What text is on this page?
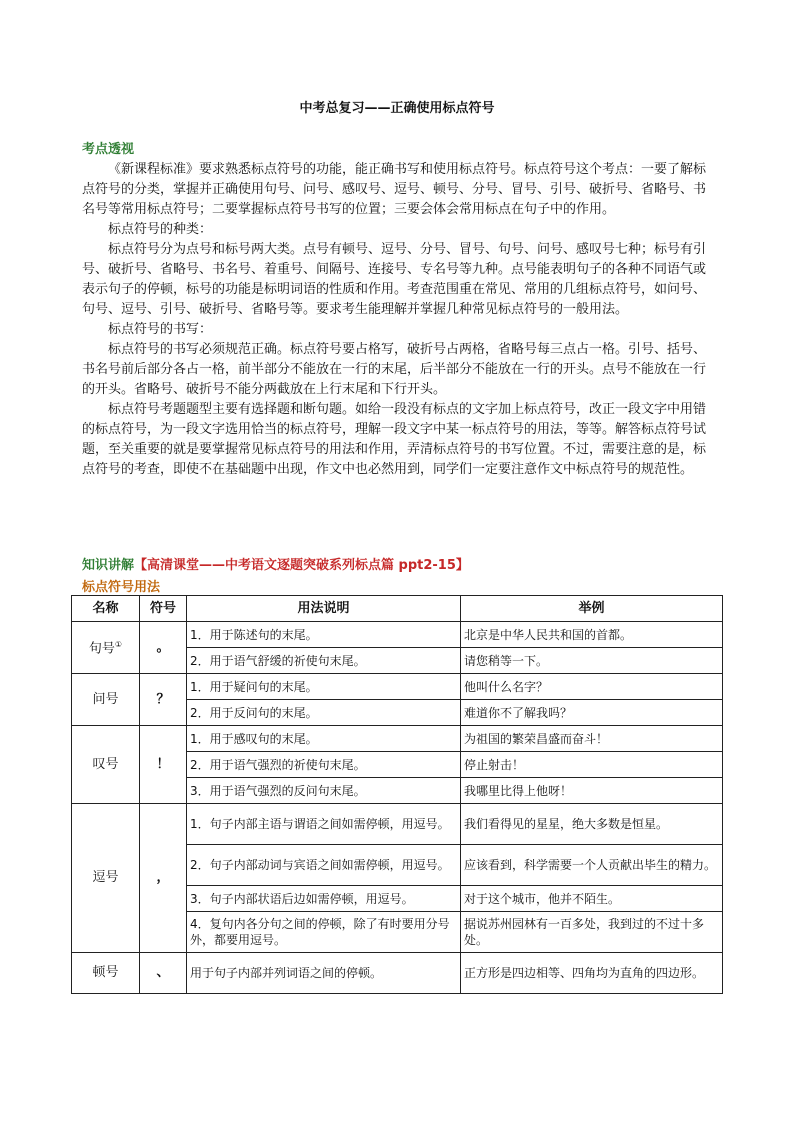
中考总复习——正确使用标点符号
考点透视

《新课程标准》要求熟悉标点符号的功能，能正确书写和使用标点符号。标点符号这个考点：一要了解标点符号的分类，掌握并正确使用句号、问号、感叹号、逗号、顿号、分号、冒号、引号、破折号、省略号、书名号等常用标点符号；二要掌握标点符号书写的位置；三要会体会常用标点在句子中的作用。

标点符号的种类：

标点符号分为点号和标号两大类。点号有顿号、逗号、分号、冒号、句号、问号、感叹号七种；标号有引号、破折号、省略号、书名号、着重号、间隔号、连接号、专名号等九种。点号能表明句子的各种不同语气或表示句子的停顿，标号的功能是标明词语的性质和作用。考查范围重在常见、常用的几组标点符号，如问号、句号、逗号、引号、破折号、省略号等。要求考生能理解并掌握几种常见标点符号的一般用法。

标点符号的书写：

标点符号的书写必须规范正确。标点符号要占格写，破折号占两格，省略号每三点占一格。引号、括号、书名号前后部分各占一格，前半部分不能放在一行的末尾，后半部分不能放在一行的开头。点号不能放在一行的开头。省略号、破折号不能分两截放在上行末尾和下行开头。

标点符号考题题型主要有选择题和断句题。如给一段没有标点的文字加上标点符号，改正一段文字中用错的标点符号，为一段文字选用恰当的标点符号，理解一段文字中某一标点符号的用法，等等。解答标点符号试题，至关重要的就是要掌握常见标点符号的用法和作用，弄清标点符号的书写位置。不过，需要注意的是，标点符号的考查，即使不在基础题中出现，作文中也必然用到，同学们一定要注意作文中标点符号的规范性。

知识讲解【高清课堂——中考语文逐题突破系列标点篇 ppt2-15】
标点符号用法
名称	符号	用法说明	举例
句号①	。	1．用于陈述句的末尾。	北京是中华人民共和国的首都。
		2．用于语气舒缓的祈使句末尾。	请您稍等一下。
问号	？	1．用于疑问句的末尾。	他叫什么名字？
		2．用于反问句的末尾。	难道你不了解我吗？
叹号	！	1．用于感叹句的末尾。	为祖国的繁荣昌盛而奋斗！
		2．用于语气强烈的祈使句末尾。	停止射击！
		3．用于语气强烈的反问句末尾。	我哪里比得上他呀！
逗号	，	1．句子内部主语与谓语之间如需停顿，用逗号。	我们看得见的星星，绝大多数是恒星。
		2．句子内部动词与宾语之间如需停顿，用逗号。	应该看到，科学需要一个人贡献出毕生的精力。
		3．句子内部状语后边如需停顿，用逗号。	对于这个城市，他并不陌生。
		4．复句内各分句之间的停顿，除了有时要用分号外，都要用逗号。	据说苏州园林有一百多处，我到过的不过十多处。
顿号	、	用于句子内部并列词语之间的停顿。	正方形是四边相等、四角均为直角的四边形。
